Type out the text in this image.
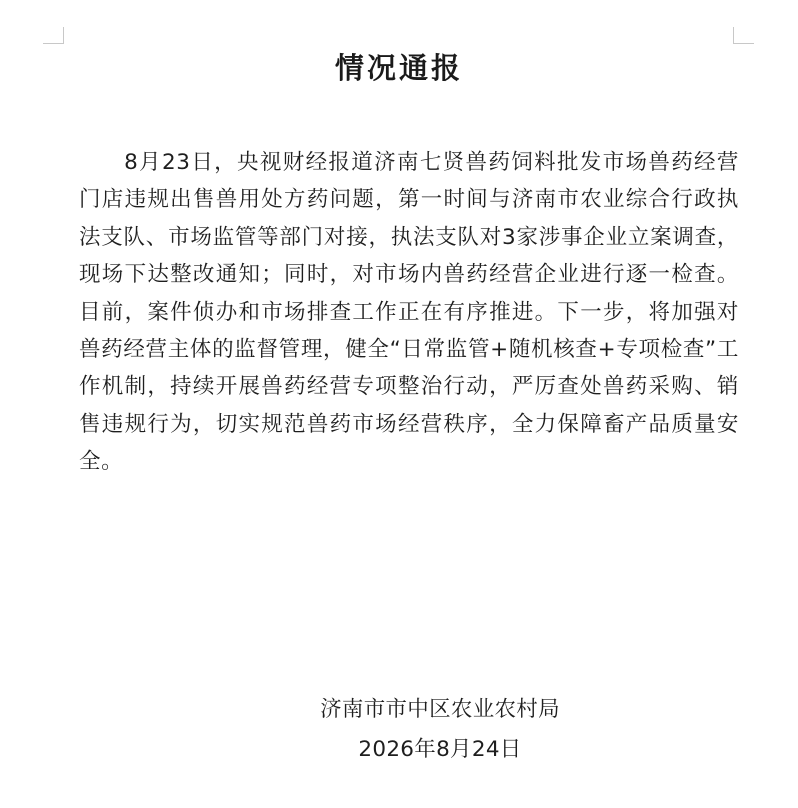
情况通报

8月23日，央视财经报道济南七贤兽药饲料批发市场兽药经营门店违规出售兽用处方药问题，第一时间与济南市农业综合行政执法支队、市场监管等部门对接，执法支队对3家涉事企业立案调查，现场下达整改通知；同时，对市场内兽药经营企业进行逐一检查。目前，案件侦办和市场排查工作正在有序推进。下一步，将加强对兽药经营主体的监督管理，健全“日常监管+随机核查+专项检查”工作机制，持续开展兽药经营专项整治行动，严厉查处兽药采购、销售违规行为，切实规范兽药市场经营秩序，全力保障畜产品质量安全。

济南市市中区农业农村局
2026年8月24日
